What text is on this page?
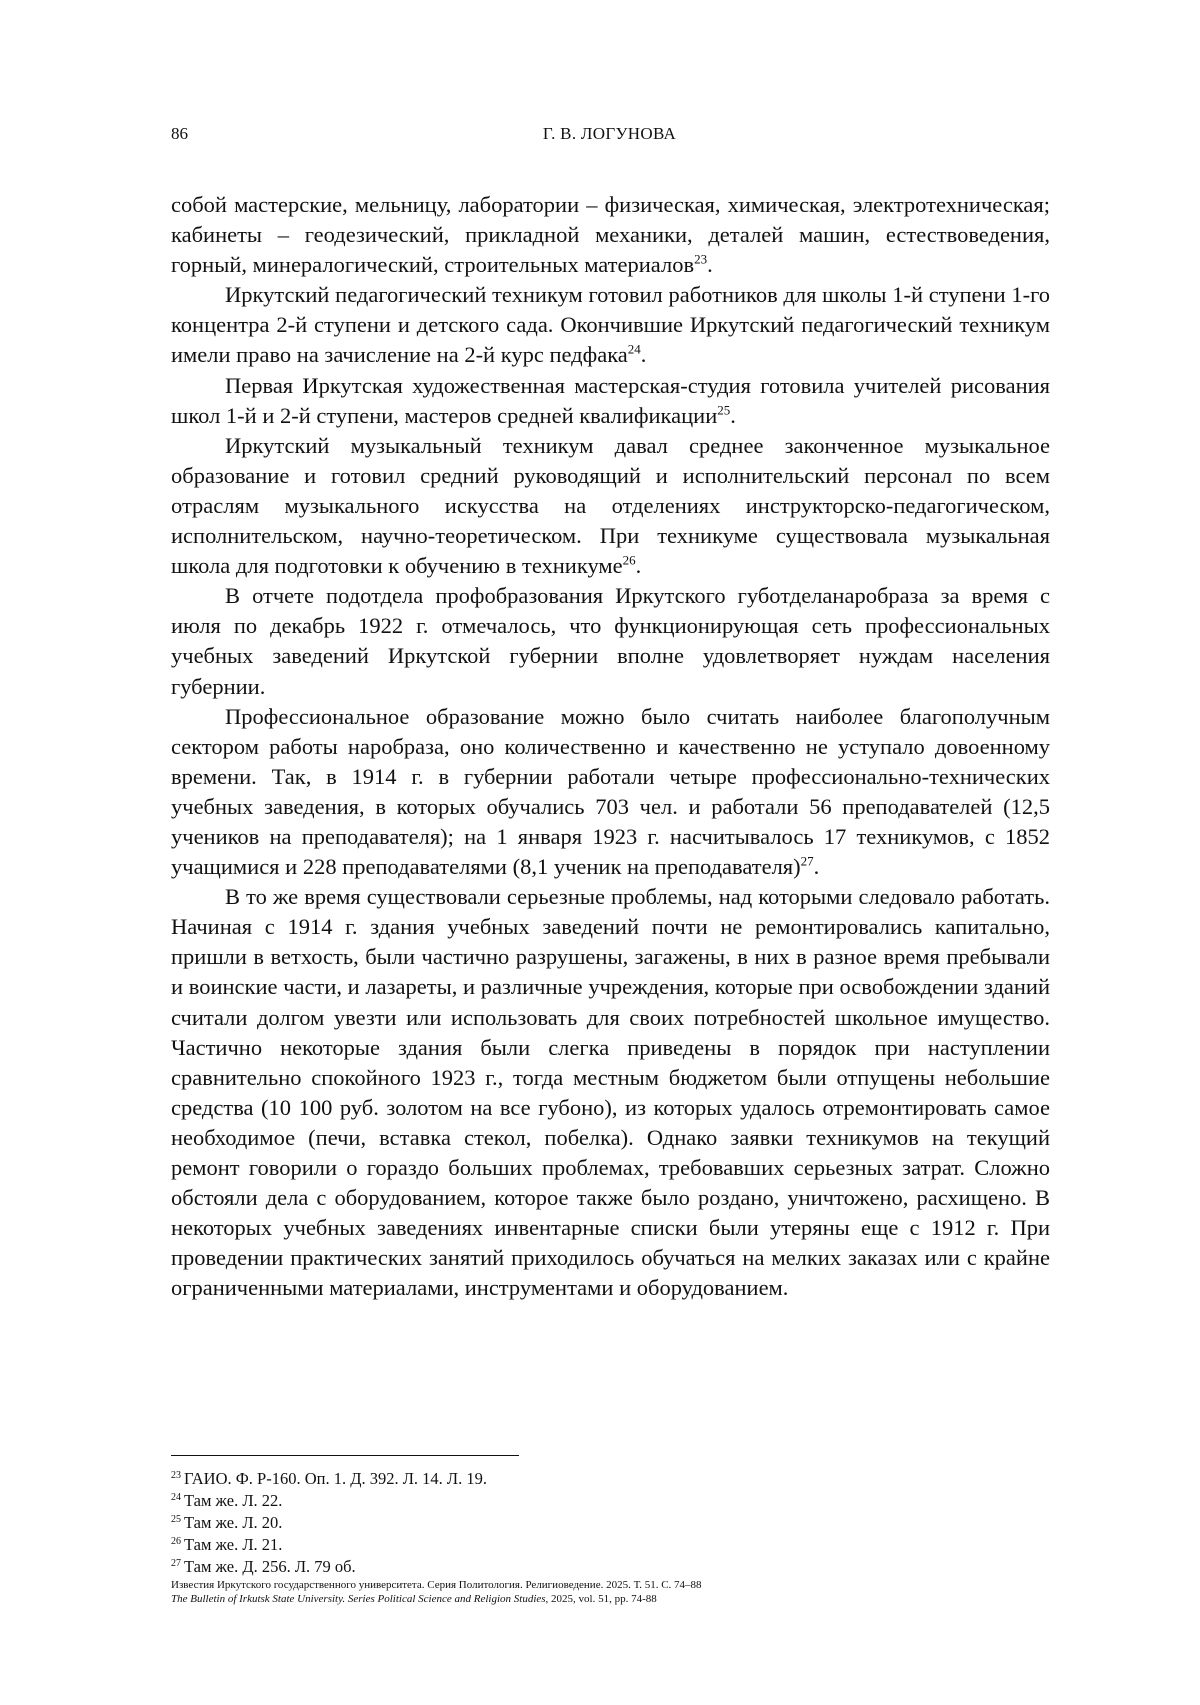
86	Г. В. ЛОГУНОВА

собой мастерские, мельницу, лаборатории – физическая, химическая, электро­техническая; кабинеты – геодезический, прикладной механики, деталей машин, естествоведения, горный, минералогический, строительных материалов23.

Иркутский педагогический техникум готовил работников для школы 1-й ступени 1-го концентра 2-й ступени и детского сада. Окончившие Иркутский педагогический техникум имели право на зачисление на 2-й курс педфака24.

Первая Иркутская художественная мастерская-студия готовила учите­лей рисования школ 1-й и 2-й ступени, мастеров средней квалификации25.

Иркутский музыкальный техникум давал среднее законченное музыкаль­ное образование и готовил средний руководящий и исполнительский персонал по всем отраслям музыкального искусства на отделениях инструкторско-педагогическом, исполнительском, научно-теоретическом. При техникуме существовала музыкальная школа для подготовки к обучению в техникуме26.

В отчете подотдела профобразования Иркутского губотделанаробраза за время с июля по декабрь 1922 г. отмечалось, что функционирующая сеть профессиональных учебных заведений Иркутской губернии вполне удовле­творяет нуждам населения губернии.

Профессиональное образование можно было считать наиболее благопо­лучным сектором работы наробраза, оно количественно и качественно не уступало довоенному времени. Так, в 1914 г. в губернии работали четыре профессионально-технических учебных заведения, в которых обучались 703 чел. и работали 56 преподавателей (12,5 учеников на преподавателя); на 1 января 1923 г. насчитывалось 17 техникумов, с 1852 учащимися и 228 пре­подавателями (8,1 ученик на преподавателя)27.

В то же время существовали серьезные проблемы, над которыми следо­вало работать. Начиная с 1914 г. здания учебных заведений почти не ремон­тировались капитально, пришли в ветхость, были частично разрушены, зага­жены, в них в разное время пребывали и воинские части, и лазареты, и раз­личные учреждения, которые при освобождении зданий считали долгом увезти или использовать для своих потребностей школьное имущество. Ча­стично некоторые здания были слегка приведены в порядок при наступлении сравнительно спокойного 1923 г., тогда местным бюджетом были отпущены небольшие средства (10 100 руб. золотом на все губоно), из которых удалось отремонтировать самое необходимое (печи, вставка стекол, побелка). Однако заявки техникумов на текущий ремонт говорили о гораздо больших пробле­мах, требовавших серьезных затрат. Сложно обстояли дела с оборудованием, которое также было роздано, уничтожено, расхищено. В некоторых учебных заведениях инвентарные списки были утеряны еще с 1912 г. При проведении практических занятий приходилось обучаться на мелких заказах или с крайне ограниченными материалами, инструментами и оборудованием.

23 ГАИО. Ф. Р-160. Оп. 1. Д. 392. Л. 14. Л. 19.
24 Там же. Л. 22.
25 Там же. Л. 20.
26 Там же. Л. 21.
27 Там же. Д. 256. Л. 79 об.
Известия Иркутского государственного университета. Серия Политология. Религиоведение. 2025. Т. 51. С. 74–88
The Bulletin of Irkutsk State University. Series Political Science and Religion Studies, 2025, vol. 51, pp. 74-88
